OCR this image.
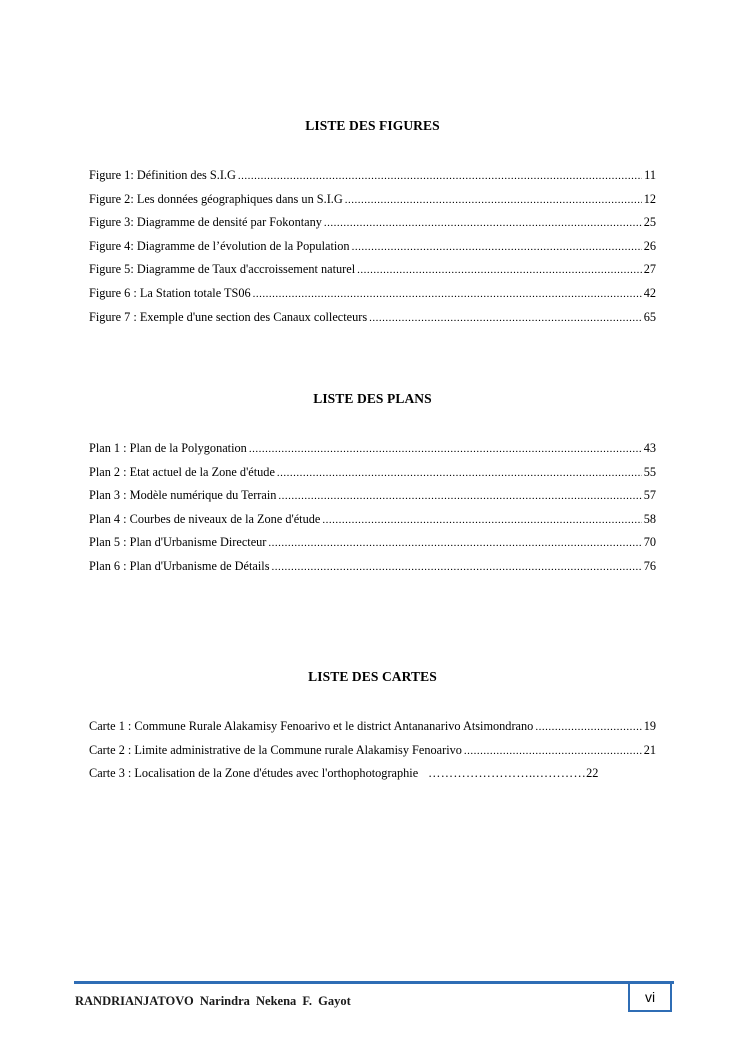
LISTE DES FIGURES
Figure 1: Définition des S.I.G .....	11
Figure 2: Les données géographiques dans un S.I.G .....	12
Figure 3: Diagramme de densité par Fokontany .....	25
Figure 4: Diagramme de l’évolution de la Population .....	26
Figure 5: Diagramme de Taux d'accroissement naturel .....	27
Figure 6 : La Station totale TS06 .....	42
Figure 7 : Exemple d'une section des Canaux collecteurs .....	65
LISTE DES PLANS
Plan 1 : Plan de la Polygonation .....	43
Plan 2 : Etat actuel de la Zone d'étude .....	55
Plan 3 : Modèle numérique du Terrain .....	57
Plan 4 : Courbes de niveaux de la Zone d'étude .....	58
Plan 5 : Plan d'Urbanisme Directeur .....	70
Plan 6 : Plan d'Urbanisme de Détails .....	76
LISTE DES CARTES
Carte 1 : Commune Rurale Alakamisy Fenoarivo et le district Antananarivo Atsimondrano .....	19
Carte 2 : Limite administrative de la Commune rurale Alakamisy Fenoarivo .....	21
Carte 3 : Localisation de la Zone d'études avec l'orthophotographie ……………………..………… 22
vi
RANDRIANJATOVO Narindra Nekena F. Gayot
